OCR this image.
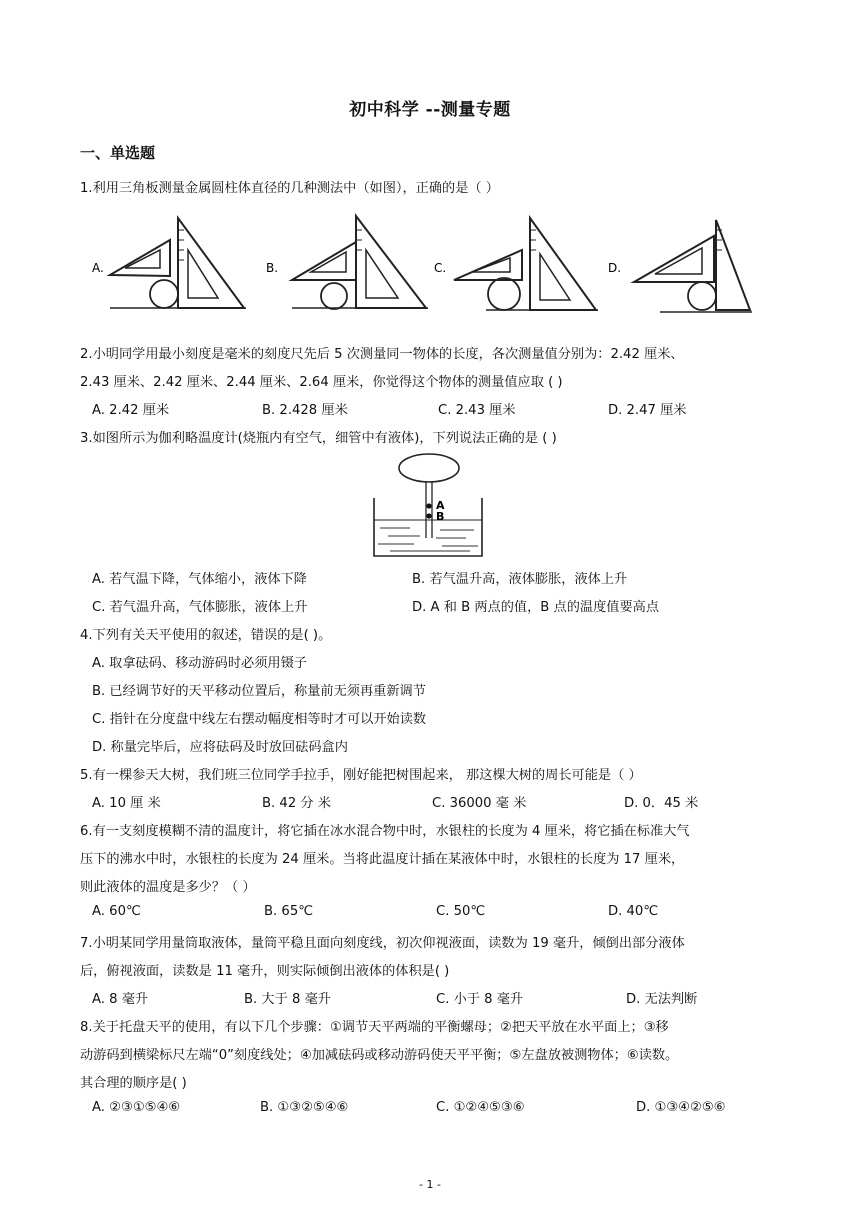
初中科学 --测量专题
一、单选题
1.利用三角板测量金属圆柱体直径的几种测法中（如图），正确的是（ ）
A.	B.	C.	D.
2.小明同学用最小刻度是毫米的刻度尺先后 5 次测量同一物体的长度，各次测量值分别为：2.42 厘米、
2.43 厘米、2.42 厘米、2.44 厘米、2.64 厘米，你觉得这个物体的测量值应取 ( )
A. 2.42 厘米	B. 2.428 厘米	C. 2.43 厘米	D. 2.47 厘米
3.如图所示为伽利略温度计(烧瓶内有空气，细管中有液体)，下列说法正确的是 ( )
A
B
A. 若气温下降，气体缩小，液体下降	B. 若气温升高，液体膨胀，液体上升
C. 若气温升高，气体膨胀，液体上升	D. A 和 B 两点的值，B 点的温度值要高点
4.下列有关天平使用的叙述，错误的是( )。
A. 取拿砝码、移动游码时必须用镊子
B. 已经调节好的天平移动位置后，称量前无须再重新调节
C. 指针在分度盘中线左右摆动幅度相等时才可以开始读数
D. 称量完毕后，应将砝码及时放回砝码盒内
5.有一棵参天大树，我们班三位同学手拉手，刚好能把树围起来， 那这棵大树的周长可能是（ ）
A. 10 厘 米	B. 42 分 米	C. 36000 毫 米	D. 0．45 米
6.有一支刻度模糊不清的温度计，将它插在冰水混合物中时，水银柱的长度为 4 厘米，将它插在标准大气
压下的沸水中时，水银柱的长度为 24 厘米。当将此温度计插在某液体中时，水银柱的长度为 17 厘米，
则此液体的温度是多少？（ ）
A. 60℃	B. 65℃	C. 50℃	D. 40℃
7.小明某同学用量筒取液体，量筒平稳且面向刻度线，初次仰视液面，读数为 19 毫升，倾倒出部分液体
后，俯视液面，读数是 11 毫升，则实际倾倒出液体的体积是( )
A. 8 毫升	B. 大于 8 毫升	C. 小于 8 毫升	D. 无法判断
8.关于托盘天平的使用，有以下几个步骤：①调节天平两端的平衡螺母；②把天平放在水平面上；③移
动游码到横梁标尺左端“0”刻度线处；④加减砝码或移动游码使天平平衡；⑤左盘放被测物体；⑥读数。
其合理的顺序是( )
A. ②③①⑤④⑥	B. ①③②⑤④⑥	C. ①②④⑤③⑥	D. ①③④②⑤⑥
- 1 -
